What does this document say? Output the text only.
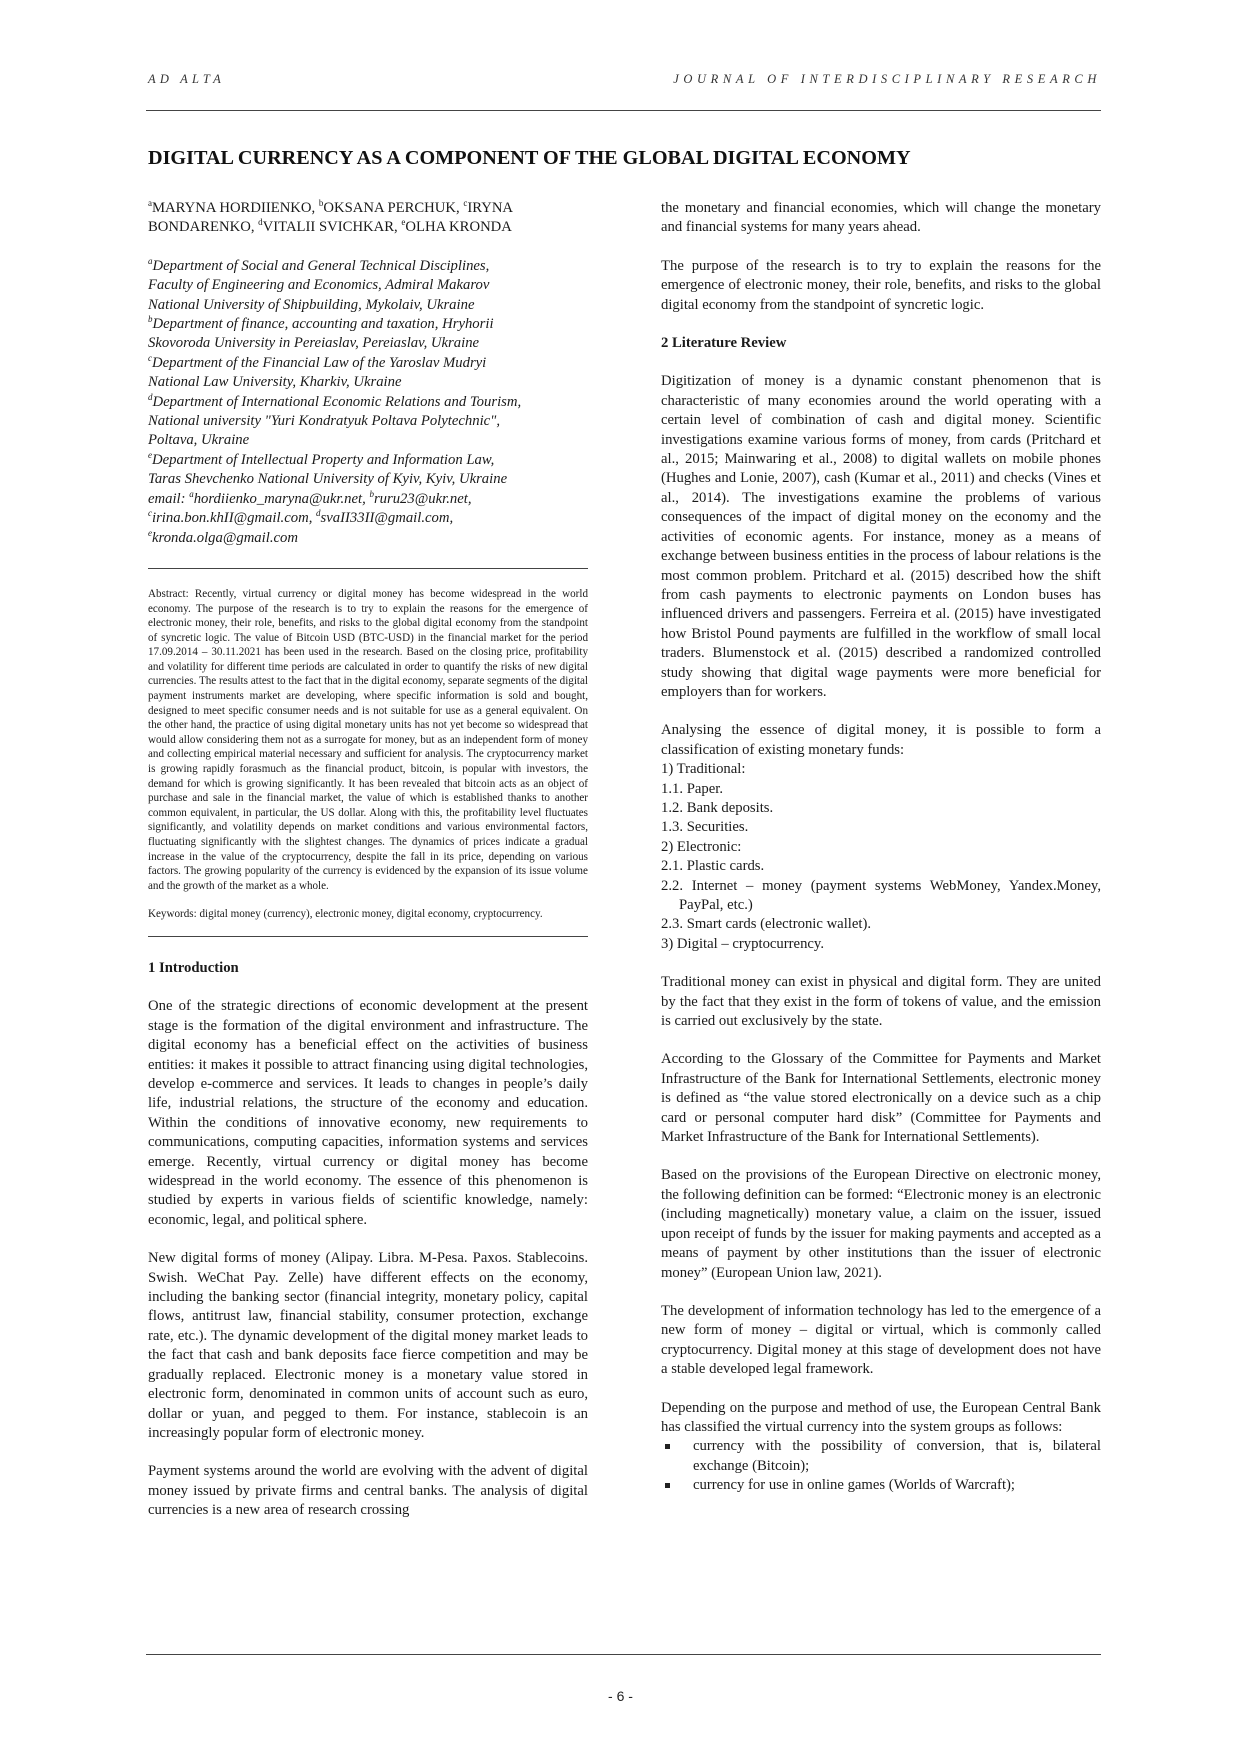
AD ALTA	JOURNAL OF INTERDISCIPLINARY RESEARCH
DIGITAL CURRENCY AS A COMPONENT OF THE GLOBAL DIGITAL ECONOMY
$^a$MARYNA HORDIIENKO, $^b$OKSANA PERCHUK, $^c$IRYNA BONDARENKO, $^d$VITALII SVICHKAR, $^e$OLHA KRONDA
$^a$Department of Social and General Technical Disciplines,
Faculty of Engineering and Economics, Admiral Makarov
National University of Shipbuilding, Mykolaiv, Ukraine
$^b$Department of finance, accounting and taxation, Hryhorii
Skovoroda University in Pereiaslav, Pereiaslav, Ukraine
$^c$Department of the Financial Law of the Yaroslav Mudryi
National Law University, Kharkiv, Ukraine
$^d$Department of International Economic Relations and Tourism,
National university "Yuri Kondratyuk Poltava Polytechnic",
Poltava, Ukraine
$^e$Department of Intellectual Property and Information Law,
Taras Shevchenko National University of Kyiv, Kyiv, Ukraine
email: $^a$hordiienko_maryna@ukr.net, $^b$ruru23@ukr.net,
$^c$irina.bon.khII@gmail.com, $^d$svaII33II@gmail.com,
$^e$kronda.olga@gmail.com

Abstract: Recently, virtual currency or digital money has become widespread in the world economy. The purpose of the research is to try to explain the reasons for the emergence of electronic money, their role, benefits, and risks to the global digital economy from the standpoint of syncretic logic. The value of Bitcoin USD (BTC-USD) in the financial market for the period 17.09.2014 – 30.11.2021 has been used in the research. Based on the closing price, profitability and volatility for different time periods are calculated in order to quantify the risks of new digital currencies. The results attest to the fact that in the digital economy, separate segments of the digital payment instruments market are developing, where specific information is sold and bought, designed to meet specific consumer needs and is not suitable for use as a general equivalent. On the other hand, the practice of using digital monetary units has not yet become so widespread that would allow considering them not as a surrogate for money, but as an independent form of money and collecting empirical material necessary and sufficient for analysis. The cryptocurrency market is growing rapidly forasmuch as the financial product, bitcoin, is popular with investors, the demand for which is growing significantly. It has been revealed that bitcoin acts as an object of purchase and sale in the financial market, the value of which is established thanks to another common equivalent, in particular, the US dollar. Along with this, the profitability level fluctuates significantly, and volatility depends on market conditions and various environmental factors, fluctuating significantly with the slightest changes. The dynamics of prices indicate a gradual increase in the value of the cryptocurrency, despite the fall in its price, depending on various factors. The growing popularity of the currency is evidenced by the expansion of its issue volume and the growth of the market as a whole.

Keywords: digital money (currency), electronic money, digital economy, cryptocurrency.

1 Introduction

One of the strategic directions of economic development at the present stage is the formation of the digital environment and infrastructure. The digital economy has a beneficial effect on the activities of business entities: it makes it possible to attract financing using digital technologies, develop e-commerce and services. It leads to changes in people’s daily life, industrial relations, the structure of the economy and education. Within the conditions of innovative economy, new requirements to communications, computing capacities, information systems and services emerge. Recently, virtual currency or digital money has become widespread in the world economy. The essence of this phenomenon is studied by experts in various fields of scientific knowledge, namely: economic, legal, and political sphere.

New digital forms of money (Alipay. Libra. M-Pesa. Paxos. Stablecoins. Swish. WeChat Pay. Zelle) have different effects on the economy, including the banking sector (financial integrity, monetary policy, capital flows, antitrust law, financial stability, consumer protection, exchange rate, etc.). The dynamic development of the digital money market leads to the fact that cash and bank deposits face fierce competition and may be gradually replaced. Electronic money is a monetary value stored in electronic form, denominated in common units of account such as euro, dollar or yuan, and pegged to them. For instance, stablecoin is an increasingly popular form of electronic money.

Payment systems around the world are evolving with the advent of digital money issued by private firms and central banks. The analysis of digital currencies is a new area of research crossing

the monetary and financial economies, which will change the monetary and financial systems for many years ahead.

The purpose of the research is to try to explain the reasons for the emergence of electronic money, their role, benefits, and risks to the global digital economy from the standpoint of syncretic logic.

2 Literature Review

Digitization of money is a dynamic constant phenomenon that is characteristic of many economies around the world operating with a certain level of combination of cash and digital money. Scientific investigations examine various forms of money, from cards (Pritchard et al., 2015; Mainwaring et al., 2008) to digital wallets on mobile phones (Hughes and Lonie, 2007), cash (Kumar et al., 2011) and checks (Vines et al., 2014). The investigations examine the problems of various consequences of the impact of digital money on the economy and the activities of economic agents. For instance, money as a means of exchange between business entities in the process of labour relations is the most common problem. Pritchard et al. (2015) described how the shift from cash payments to electronic payments on London buses has influenced drivers and passengers. Ferreira et al. (2015) have investigated how Bristol Pound payments are fulfilled in the workflow of small local traders. Blumenstock et al. (2015) described a randomized controlled study showing that digital wage payments were more beneficial for employers than for workers.

Analysing the essence of digital money, it is possible to form a classification of existing monetary funds:

1) Traditional:
1.1. Paper.
1.2. Bank deposits.
1.3. Securities.
2) Electronic:
2.1. Plastic cards.
2.2. Internet – money (payment systems WebMoney, Yandex.Money, PayPal, etc.)
2.3. Smart cards (electronic wallet).
3) Digital – cryptocurrency.

Traditional money can exist in physical and digital form. They are united by the fact that they exist in the form of tokens of value, and the emission is carried out exclusively by the state.

According to the Glossary of the Committee for Payments and Market Infrastructure of the Bank for International Settlements, electronic money is defined as “the value stored electronically on a device such as a chip card or personal computer hard disk” (Committee for Payments and Market Infrastructure of the Bank for International Settlements).

Based on the provisions of the European Directive on electronic money, the following definition can be formed: “Electronic money is an electronic (including magnetically) monetary value, a claim on the issuer, issued upon receipt of funds by the issuer for making payments and accepted as a means of payment by other institutions than the issuer of electronic money” (European Union law, 2021).

The development of information technology has led to the emergence of a new form of money – digital or virtual, which is commonly called cryptocurrency. Digital money at this stage of development does not have a stable developed legal framework.

Depending on the purpose and method of use, the European Central Bank has classified the virtual currency into the system groups as follows:

currency with the possibility of conversion, that is, bilateral exchange (Bitcoin);
currency for use in online games (Worlds of Warcraft);
- 6 -
